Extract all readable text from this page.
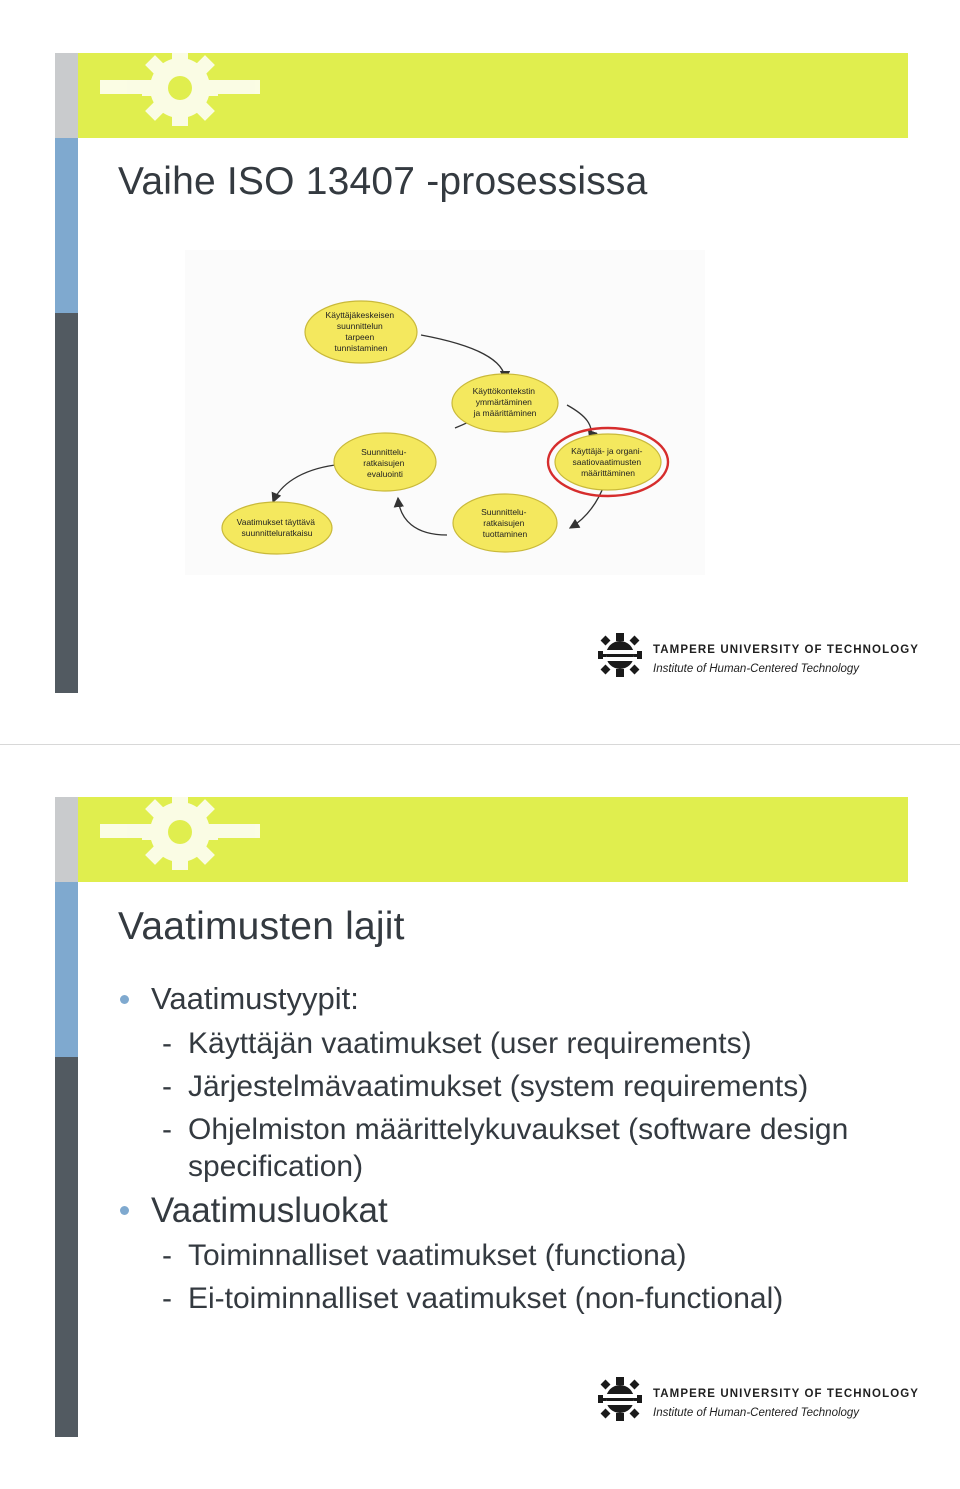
Vaihe ISO 13407 -prosessissa
Käyttäjäkeskeisen suunnittelun tarpeen tunnistaminen
Käyttökontekstin ymmärtäminen ja määrittäminen
Käyttäjä- ja organi- saatiovaatimusten määrittäminen
Suunnittelu- ratkaisujen tuottaminen
Suunnittelu- ratkaisujen evaluointi
Vaatimukset täyttävä suunnitteluratkaisu
TAMPERE UNIVERSITY OF TECHNOLOGY
Institute of Human-Centered Technology
Vaatimusten lajit
Vaatimustyypit:
- Käyttäjän vaatimukset (user requirements)
- Järjestelmävaatimukset (system requirements)
- Ohjelmiston määrittelykuvaukset (software design specification)
Vaatimusluokat
- Toiminnalliset vaatimukset (functiona)
- Ei-toiminnalliset vaatimukset (non-functional)
TAMPERE UNIVERSITY OF TECHNOLOGY
Institute of Human-Centered Technology
